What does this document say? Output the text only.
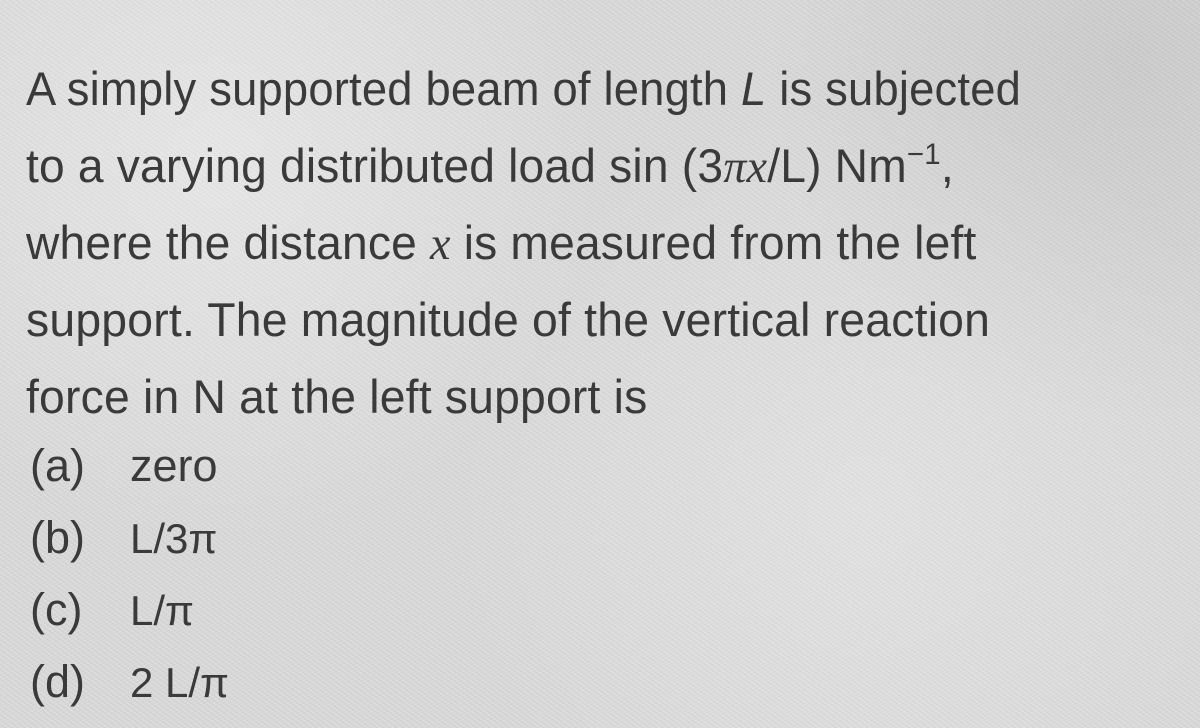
A simply supported beam of length L is subjected
to a varying distributed load sin (3πx/L) $Nm^{-1}$,
where the distance x is measured from the left
support. The magnitude of the vertical reaction
force in N at the left support is

(a)	zero
(b)	L/3π
(c)	L/π
(d)	2 L/π
